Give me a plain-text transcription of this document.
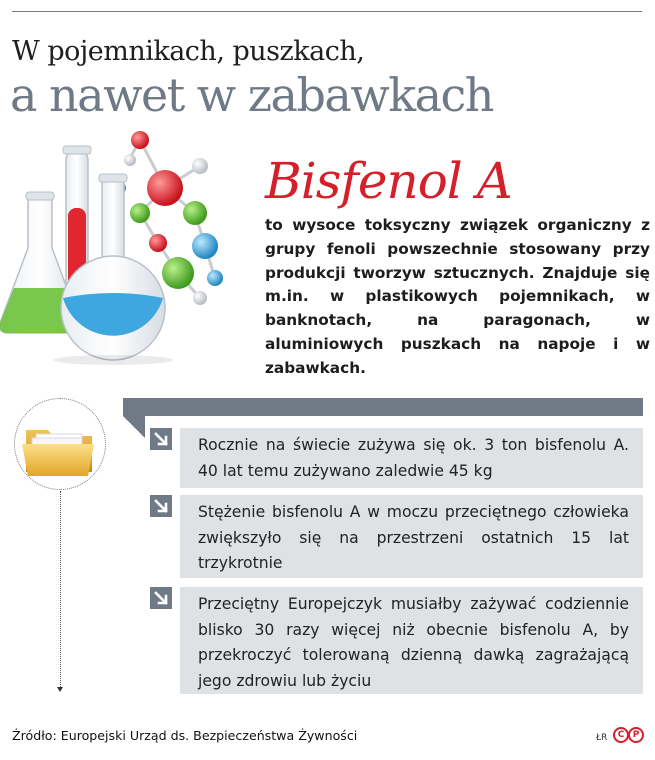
W pojemnikach, puszkach,
a nawet w zabawkach
Bisfenol A
to wysoce toksyczny związek organiczny z grupy fenoli powszechnie stosowany przy produkcji tworzyw sztucznych. Znajduje się m.in. w plastikowych pojemnikach, w banknotach, na paragonach, w aluminiowych puszkach na napoje i w zabawkach.
Rocznie na świecie zużywa się ok. 3 ton bisfenolu A. 40 lat temu zużywano zaledwie 45 kg
Stężenie bisfenolu A w moczu przeciętnego człowieka zwiększyło się na przestrzeni ostatnich 15 lat trzykrotnie
Przeciętny Europejczyk musiałby zażywać codziennie blisko 30 razy więcej niż obecnie bisfenolu A, by przekroczyć tolerowaną dzienną dawką zagrażającą jego zdrowiu lub życiu
Źródło: Europejski Urząd ds. Bezpieczeństwa Żywności	ŁR	C P
